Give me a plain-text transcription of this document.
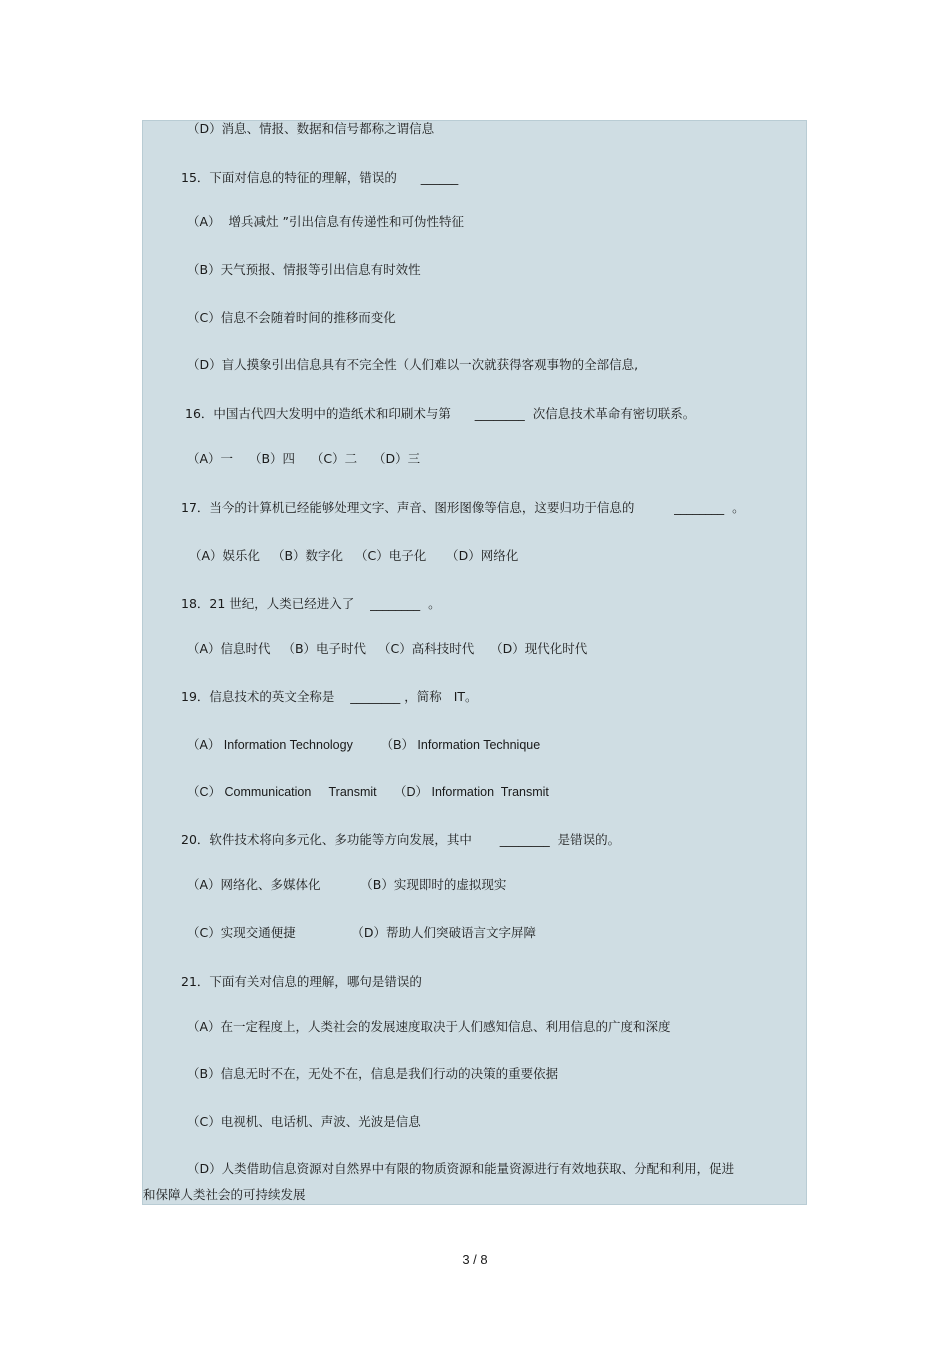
（D）消息、情报、数据和信号都称之谓信息
15．下面对信息的特征的理解，错误的      ______
（A）  增兵减灶 ”引出信息有传递性和可伪性特征
（B）天气预报、情报等引出信息有时效性
（C）信息不会随着时间的推移而变化
（D）盲人摸象引出信息具有不完全性（人们难以一次就获得客观事物的全部信息,
16．中国古代四大发明中的造纸术和印刷术与第      ________  次信息技术革命有密切联系。
（A）一    （B）四    （C）二    （D）三
17．当今的计算机已经能够处理文字、声音、图形图像等信息，这要归功于信息的          ________  。
（A）娱乐化   （B）数字化   （C）电子化     （D）网络化
18．21 世纪，人类已经进入了    ________  。
（A）信息时代   （B）电子时代   （C）高科技时代    （D）现代化时代
19．信息技术的英文全称是    ________ ，简称   IT。
（A） Information Technology        （B） Information Technique
（C） Communication     Transmit     （D） Information  Transmit
20．软件技术将向多元化、多功能等方向发展，其中       ________  是错误的。
（A）网络化、多媒体化          （B）实现即时的虚拟现实
（C）实现交通便捷              （D）帮助人们突破语言文字屏障
21．下面有关对信息的理解，哪句是错误的
（A）在一定程度上，人类社会的发展速度取决于人们感知信息、利用信息的广度和深度
（B）信息无时不在，无处不在，信息是我们行动的决策的重要依据
（C）电视机、电话机、声波、光波是信息
（D）人类借助信息资源对自然界中有限的物质资源和能量资源进行有效地获取、分配和利用，促进
和保障人类社会的可持续发展
3 / 8
